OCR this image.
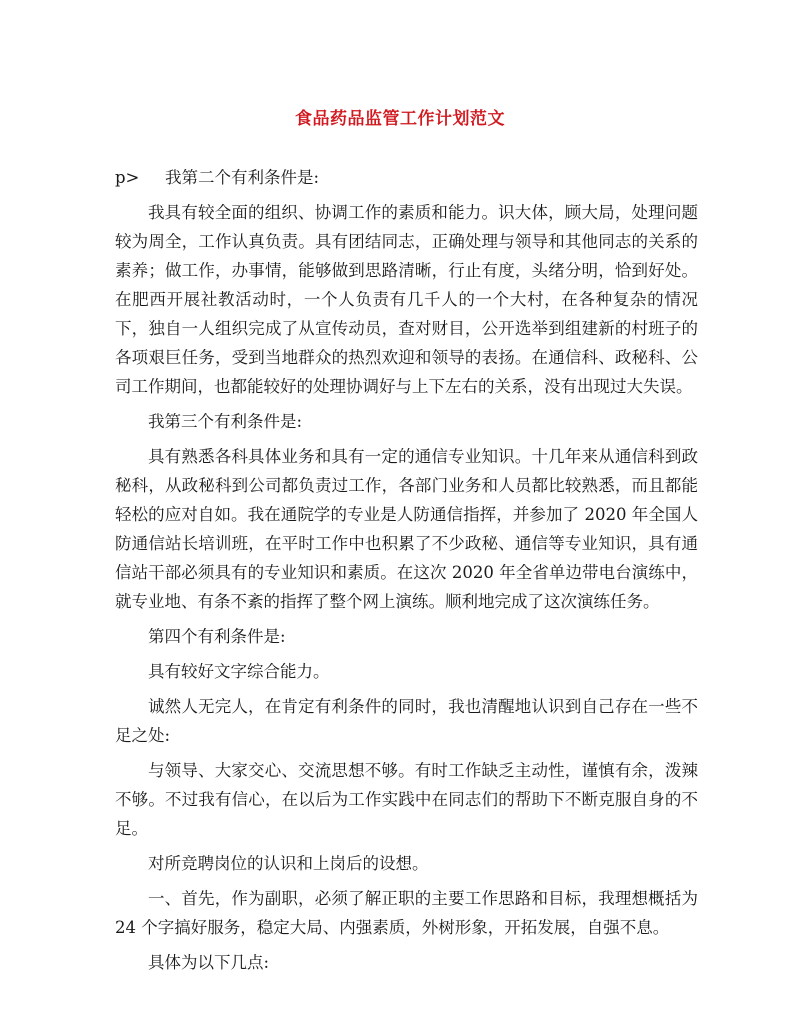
食品药品监管工作计划范文

p> 我第二个有利条件是:

我具有较全面的组织、协调工作的素质和能力。识大体，顾大局，处理问题较为周全，工作认真负责。具有团结同志，正确处理与领导和其他同志的关系的素养；做工作，办事情，能够做到思路清晰，行止有度，头绪分明，恰到好处。在肥西开展社教活动时，一个人负责有几千人的一个大村，在各种复杂的情况下，独自一人组织完成了从宣传动员，查对财目，公开选举到组建新的村班子的各项艰巨任务，受到当地群众的热烈欢迎和领导的表扬。在通信科、政秘科、公司工作期间，也都能较好的处理协调好与上下左右的关系，没有出现过大失误。

我第三个有利条件是:

具有熟悉各科具体业务和具有一定的通信专业知识。十几年来从通信科到政秘科，从政秘科到公司都负责过工作，各部门业务和人员都比较熟悉，而且都能轻松的应对自如。我在通院学的专业是人防通信指挥，并参加了 2020 年全国人防通信站长培训班，在平时工作中也积累了不少政秘、通信等专业知识，具有通信站干部必须具有的专业知识和素质。在这次 2020 年全省单边带电台演练中，就专业地、有条不紊的指挥了整个网上演练。顺利地完成了这次演练任务。

第四个有利条件是:

具有较好文字综合能力。

诚然人无完人，在肯定有利条件的同时，我也清醒地认识到自己存在一些不足之处:

与领导、大家交心、交流思想不够。有时工作缺乏主动性，谨慎有余，泼辣不够。不过我有信心，在以后为工作实践中在同志们的帮助下不断克服自身的不足。

对所竞聘岗位的认识和上岗后的设想。

一、首先，作为副职，必须了解正职的主要工作思路和目标，我理想概括为 24 个字搞好服务，稳定大局、内强素质，外树形象，开拓发展，自强不息。

具体为以下几点:
